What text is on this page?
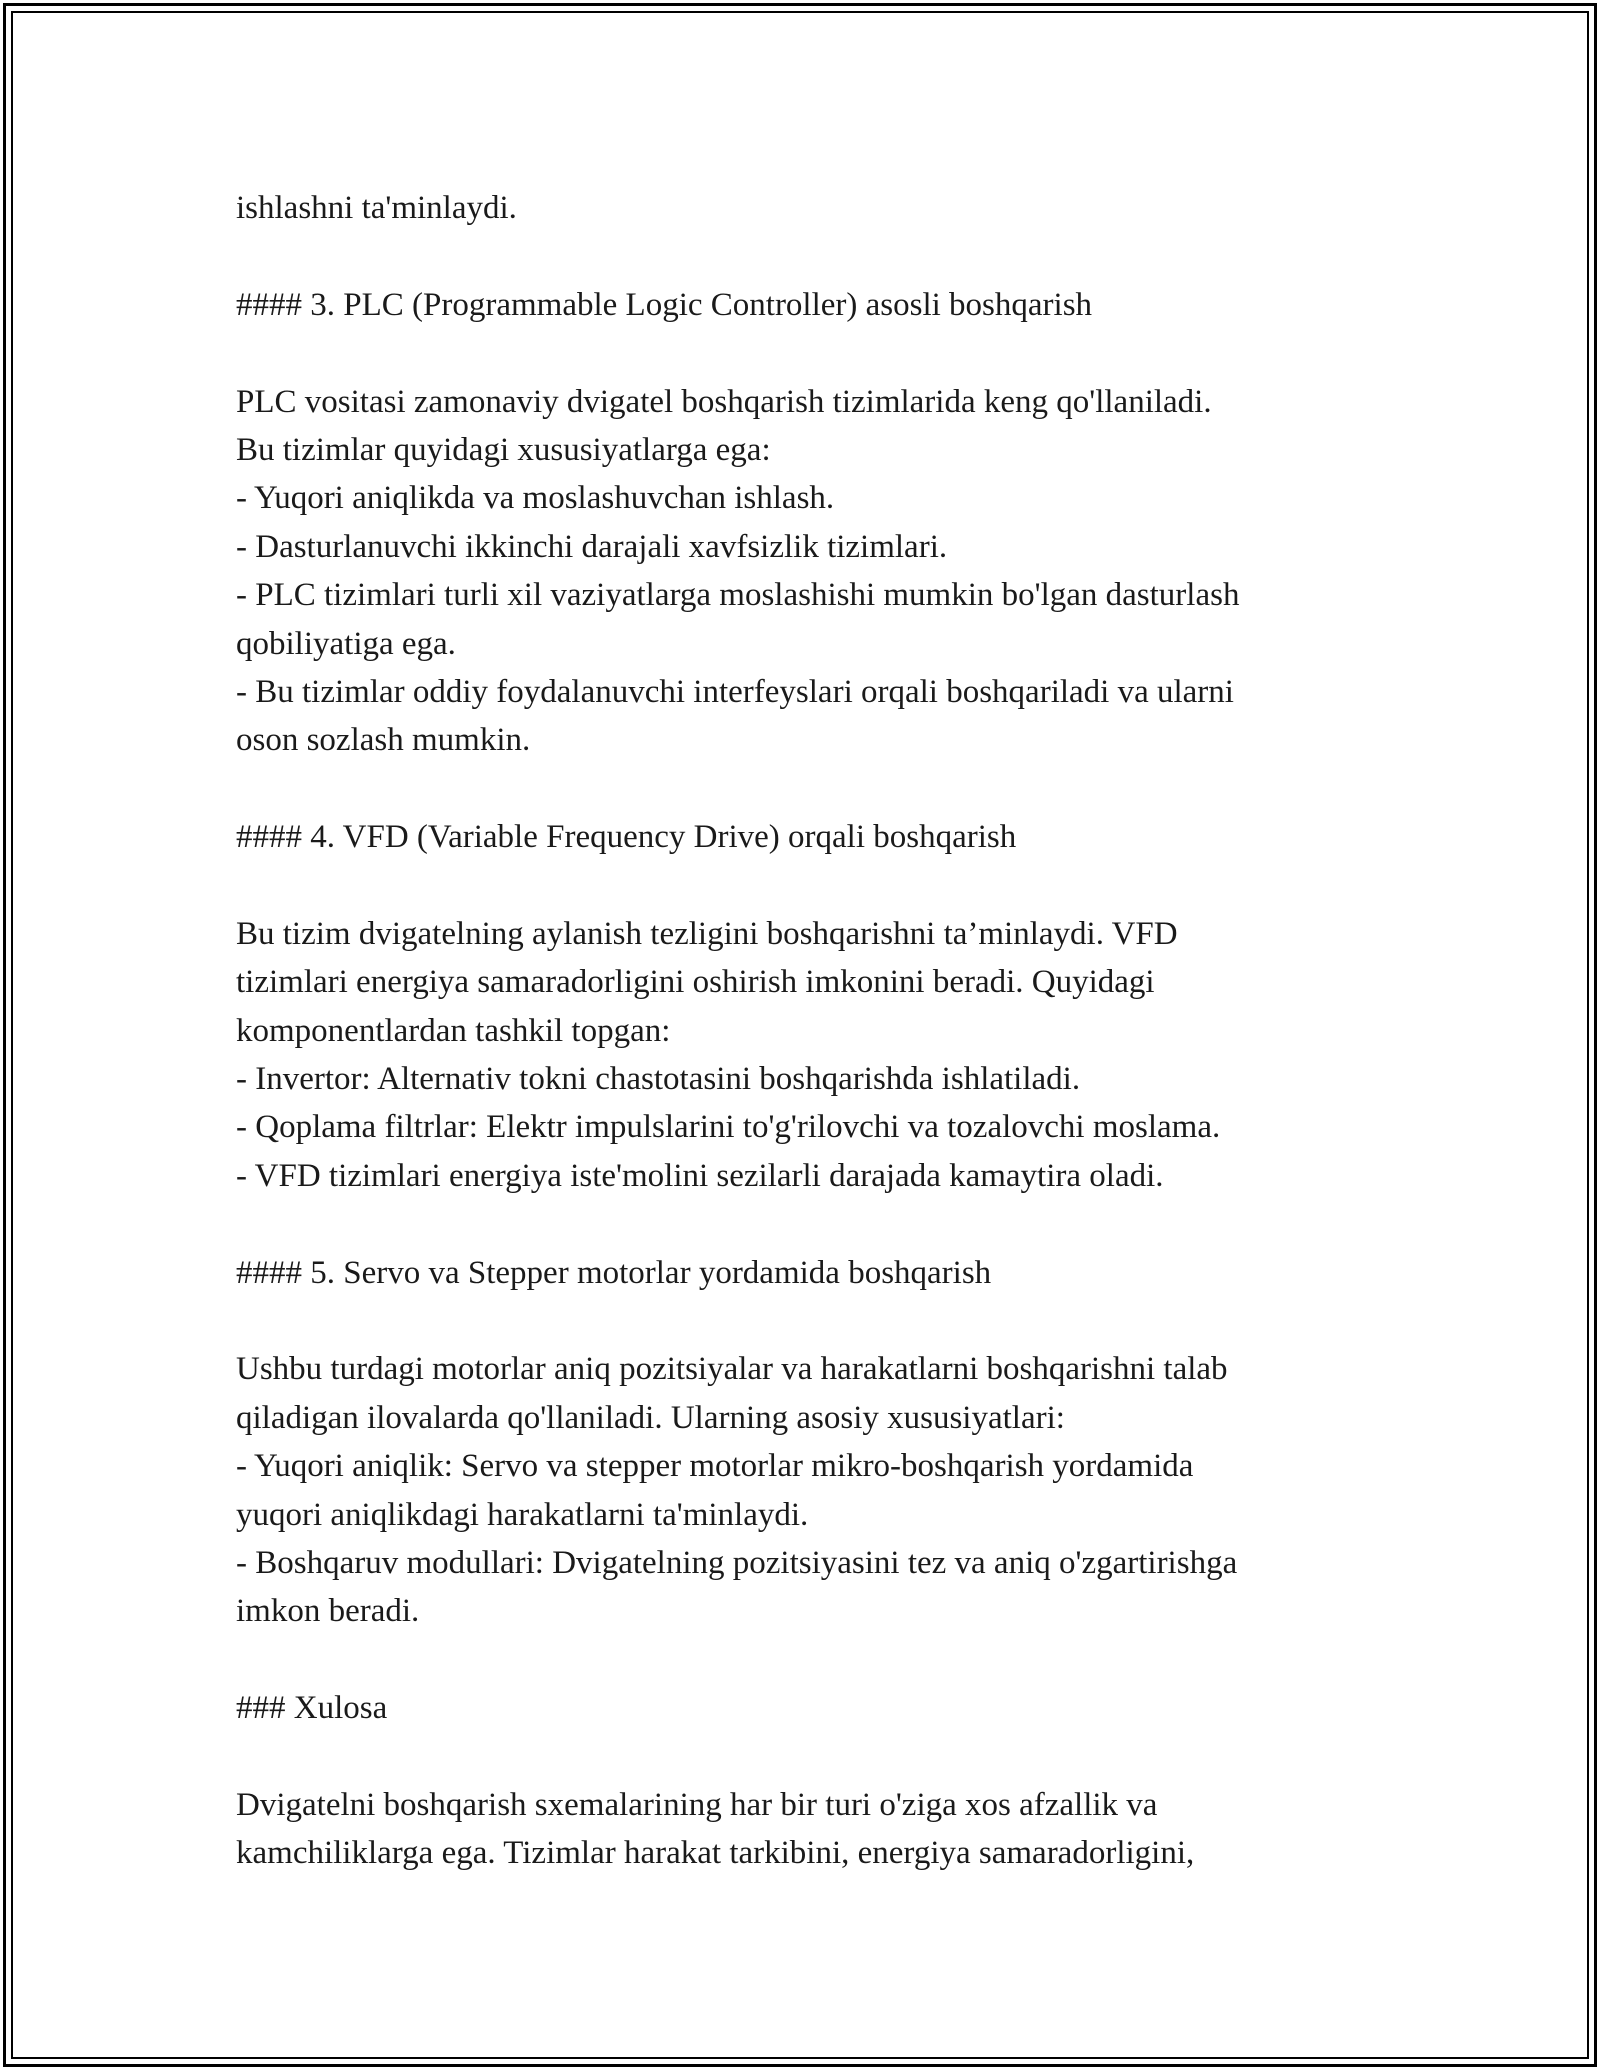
ishlashni ta'minlaydi.
#### 3. PLC (Programmable Logic Controller) asosli boshqarish
PLC vositasi zamonaviy dvigatel boshqarish tizimlarida keng qo'llaniladi.
Bu tizimlar quyidagi xususiyatlarga ega:
- Yuqori aniqlikda va moslashuvchan ishlash.
- Dasturlanuvchi ikkinchi darajali xavfsizlik tizimlari.
- PLC tizimlari turli xil vaziyatlarga moslashishi mumkin bo'lgan dasturlash
qobiliyatiga ega.
- Bu tizimlar oddiy foydalanuvchi interfeyslari orqali boshqariladi va ularni
oson sozlash mumkin.
#### 4. VFD (Variable Frequency Drive) orqali boshqarish
Bu tizim dvigatelning aylanish tezligini boshqarishni ta’minlaydi. VFD
tizimlari energiya samaradorligini oshirish imkonini beradi. Quyidagi
komponentlardan tashkil topgan:
- Invertor: Alternativ tokni chastotasini boshqarishda ishlatiladi.
- Qoplama filtrlar: Elektr impulslarini to'g'rilovchi va tozalovchi moslama.
- VFD tizimlari energiya iste'molini sezilarli darajada kamaytira oladi.
#### 5. Servo va Stepper motorlar yordamida boshqarish
Ushbu turdagi motorlar aniq pozitsiyalar va harakatlarni boshqarishni talab
qiladigan ilovalarda qo'llaniladi. Ularning asosiy xususiyatlari:
- Yuqori aniqlik: Servo va stepper motorlar mikro-boshqarish yordamida
yuqori aniqlikdagi harakatlarni ta'minlaydi.
- Boshqaruv modullari: Dvigatelning pozitsiyasini tez va aniq o'zgartirishga
imkon beradi.
### Xulosa
Dvigatelni boshqarish sxemalarining har bir turi o'ziga xos afzallik va
kamchiliklarga ega. Tizimlar harakat tarkibini, energiya samaradorligini,
